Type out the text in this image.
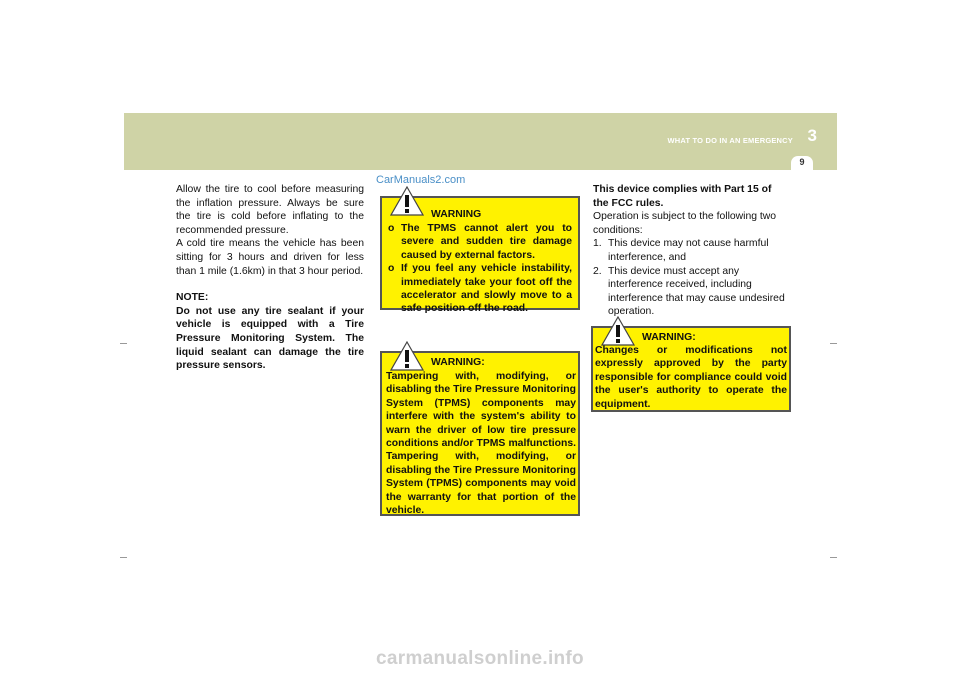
WHAT TO DO IN AN EMERGENCY 3
9

Allow the tire to cool before measuring the inflation pressure. Always be sure the tire is cold before inflating to the recommended pressure.

A cold tire means the vehicle has been sitting for 3 hours and driven for less than 1 mile (1.6km) in that 3 hour period.

NOTE:

Do not use any tire sealant if your vehicle is equipped with a Tire Pressure Monitoring System. The liquid sealant can damage the tire pressure sensors.

CarManuals2.com
WARNING
o The TPMS cannot alert you to severe and sudden tire damage caused by external factors.
o If you feel any vehicle instability, immediately take your foot off the accelerator and slowly move to a safe position off the road.
WARNING:
Tampering with, modifying, or disabling the Tire Pressure Monitoring System (TPMS) components may interfere with the system's ability to warn the driver of low tire pressure conditions and/or TPMS malfunctions. Tampering with, modifying, or disabling the Tire Pressure Monitoring System (TPMS) components may void the warranty for that portion of the vehicle.

This device complies with Part 15 of the FCC rules.

Operation is subject to the following two conditions:

1. This device may not cause harmful interference, and
2. This device must accept any interference received, including interference that may cause undesired operation.
WARNING:
Changes or modifications not expressly approved by the party responsible for compliance could void the user's authority to operate the equipment.
carmanualsonline.info
